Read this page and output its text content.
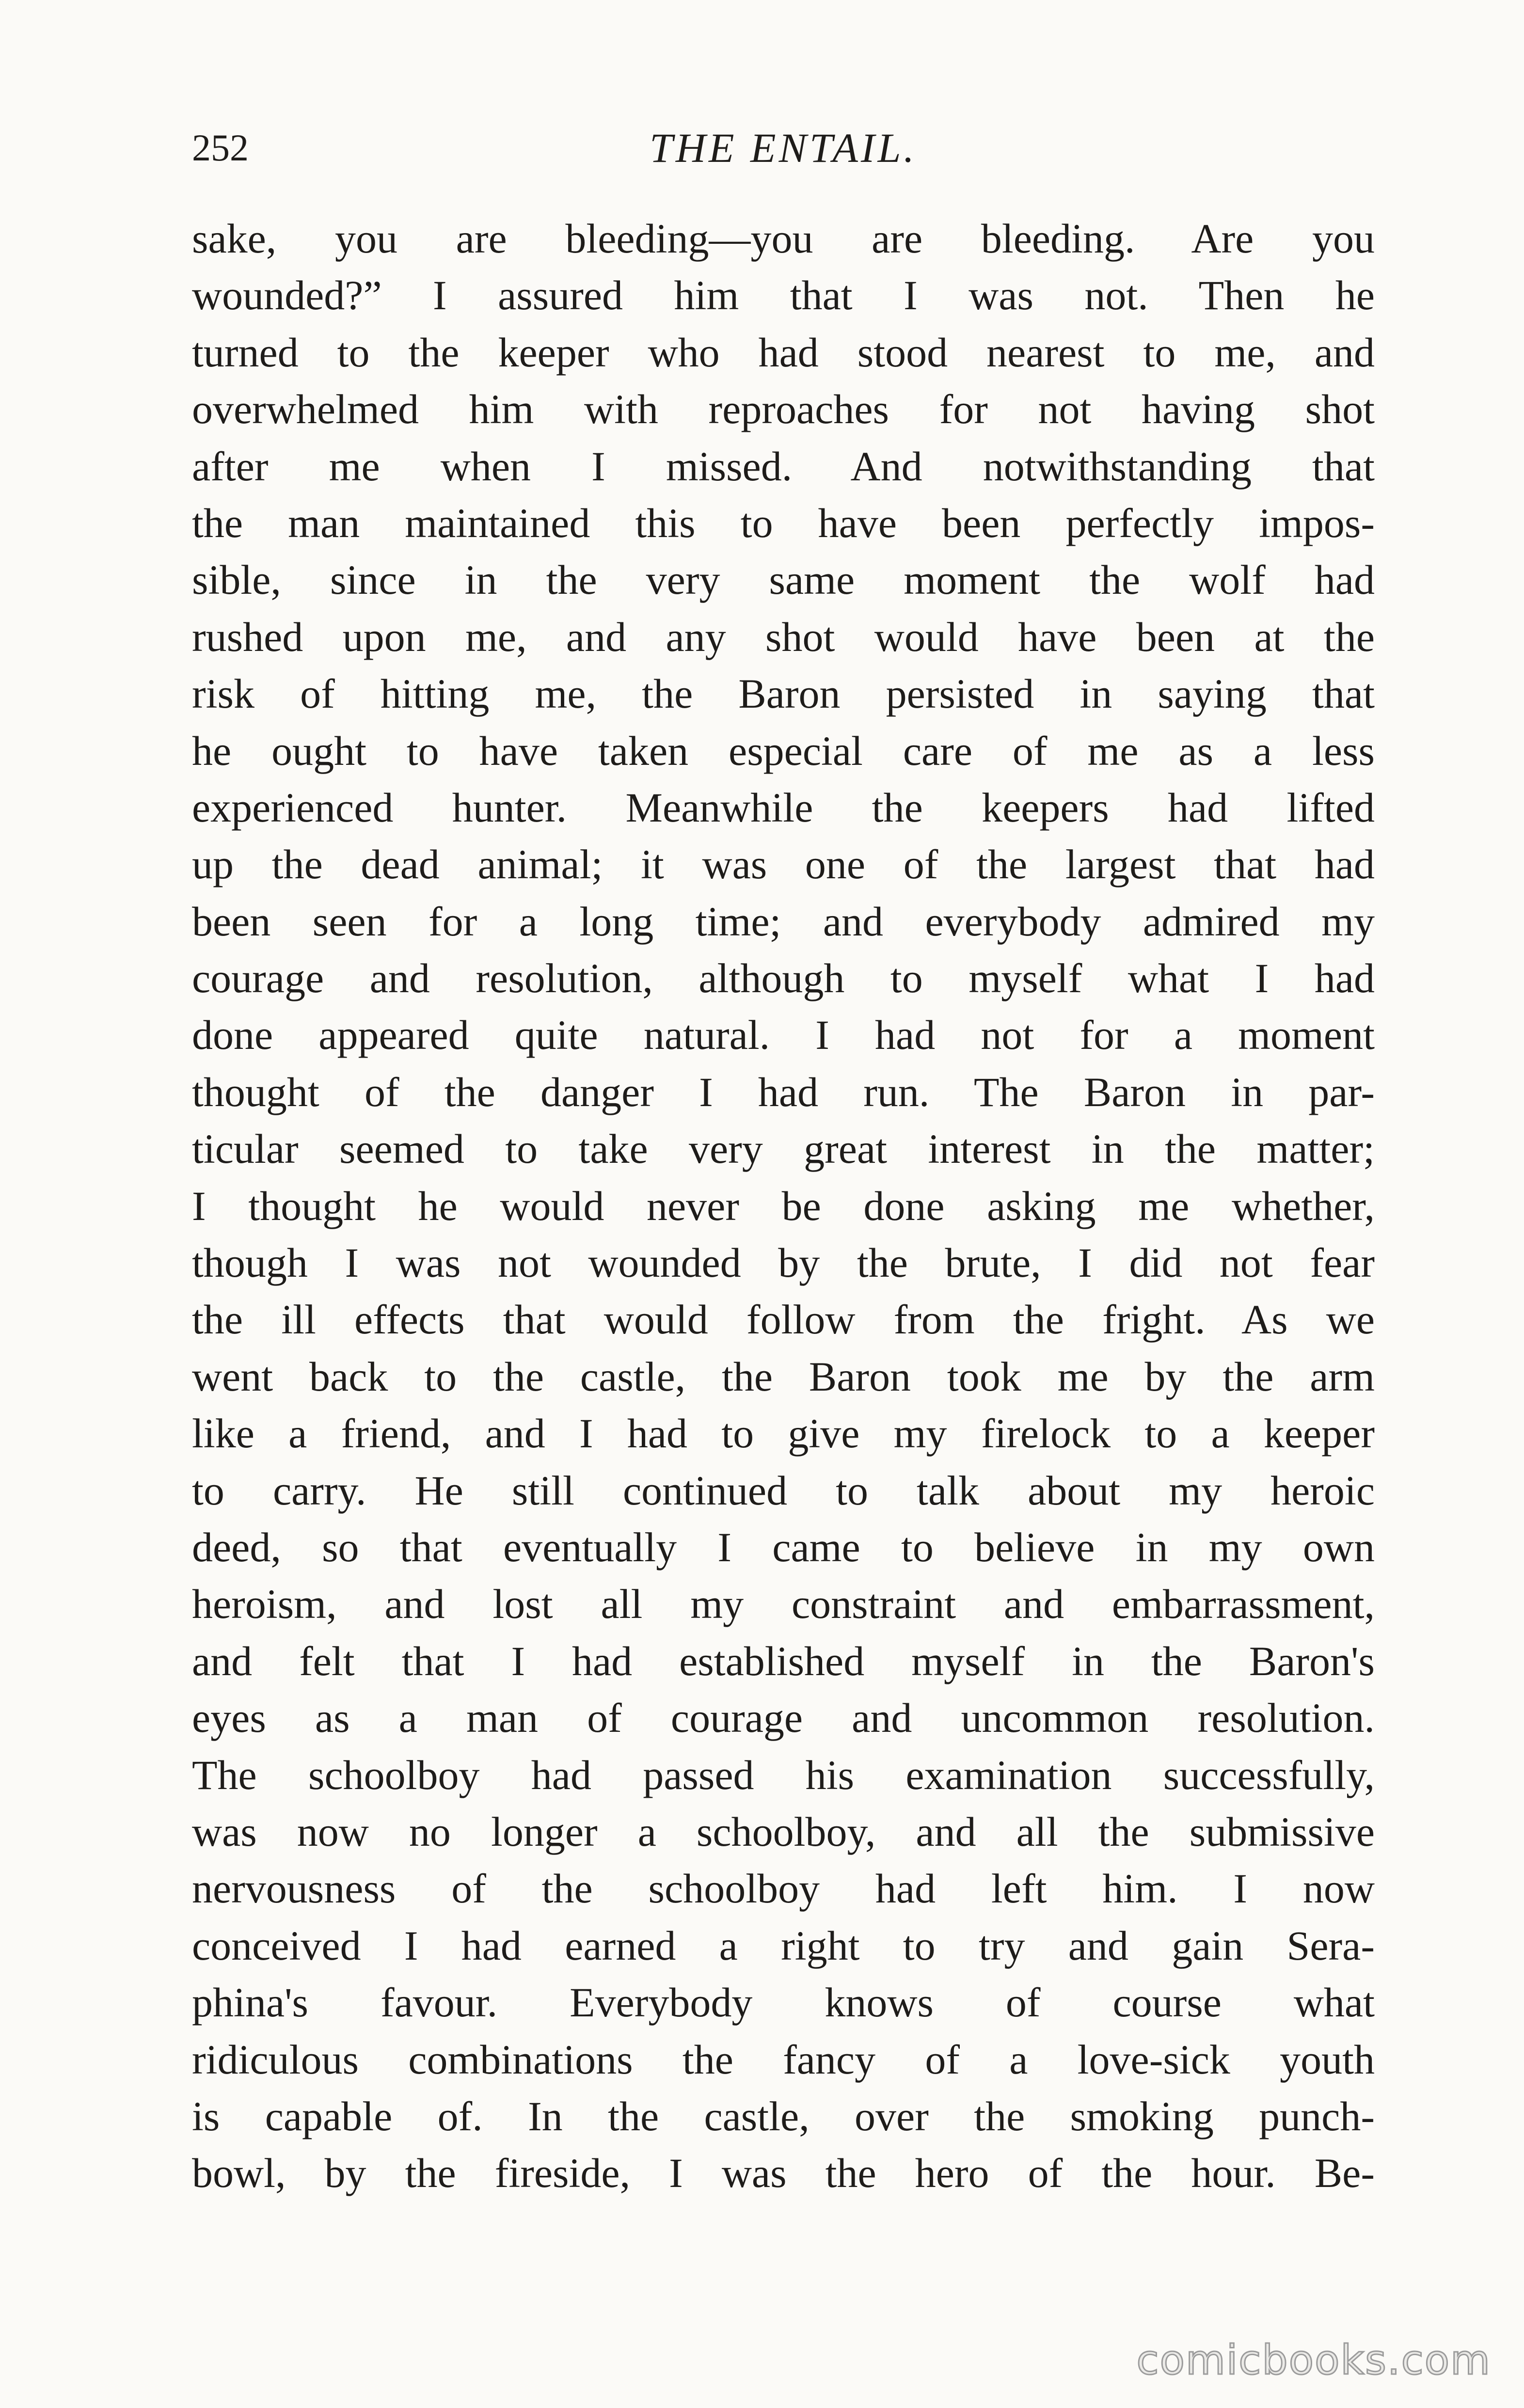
252	THE ENTAIL.
sake, you are bleeding—you are bleeding. Are you
wounded?” I assured him that I was not. Then he
turned to the keeper who had stood nearest to me, and
overwhelmed him with reproaches for not having shot
after me when I missed. And notwithstanding that
the man maintained this to have been perfectly impos-
sible, since in the very same moment the wolf had
rushed upon me, and any shot would have been at the
risk of hitting me, the Baron persisted in saying that
he ought to have taken especial care of me as a less
experienced hunter. Meanwhile the keepers had lifted
up the dead animal; it was one of the largest that had
been seen for a long time; and everybody admired my
courage and resolution, although to myself what I had
done appeared quite natural. I had not for a moment
thought of the danger I had run. The Baron in par-
ticular seemed to take very great interest in the matter;
I thought he would never be done asking me whether,
though I was not wounded by the brute, I did not fear
the ill effects that would follow from the fright. As we
went back to the castle, the Baron took me by the arm
like a friend, and I had to give my firelock to a keeper
to carry. He still continued to talk about my heroic
deed, so that eventually I came to believe in my own
heroism, and lost all my constraint and embarrassment,
and felt that I had established myself in the Baron's
eyes as a man of courage and uncommon resolution.
The schoolboy had passed his examination successfully,
was now no longer a schoolboy, and all the submissive
nervousness of the schoolboy had left him. I now
conceived I had earned a right to try and gain Sera-
phina's favour. Everybody knows of course what
ridiculous combinations the fancy of a love-sick youth
is capable of. In the castle, over the smoking punch-
bowl, by the fireside, I was the hero of the hour. Be-
comicbooks.com
